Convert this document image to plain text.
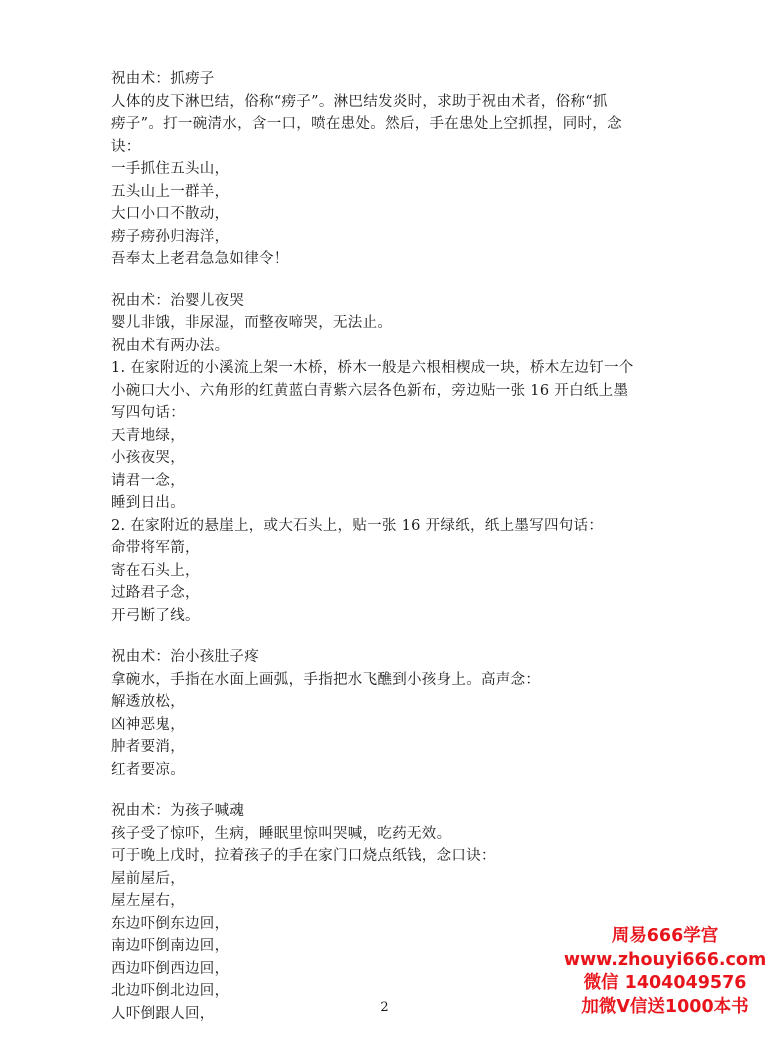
祝由术：抓痨子
人体的皮下淋巴结，俗称“痨子”。淋巴结发炎时，求助于祝由术者，俗称“抓
痨子”。打一碗清水，含一口，喷在患处。然后，手在患处上空抓捏，同时，念
诀：
一手抓住五头山，
五头山上一群羊，
大口小口不散动，
痨子痨孙归海洋，
吾奉太上老君急急如律令！
祝由术：治婴儿夜哭
婴儿非饿，非尿湿，而整夜啼哭，无法止。
祝由术有两办法。
1. 在家附近的小溪流上架一木桥，桥木一般是六根相楔成一块，桥木左边钉一个
小碗口大小、六角形的红黄蓝白青紫六层各色新布，旁边贴一张 16 开白纸上墨
写四句话：
天青地绿，
小孩夜哭，
请君一念，
睡到日出。
2. 在家附近的悬崖上，或大石头上，贴一张 16 开绿纸，纸上墨写四句话：
命带将军箭，
寄在石头上，
过路君子念，
开弓断了线。
祝由术：治小孩肚子疼
拿碗水，手指在水面上画弧，手指把水飞醮到小孩身上。高声念：
解透放松，
凶神恶鬼，
肿者要消，
红者要凉。
祝由术：为孩子喊魂
孩子受了惊吓，生病，睡眠里惊叫哭喊，吃药无效。
可于晚上戊时，拉着孩子的手在家门口烧点纸钱，念口诀：
屋前屋后，
屋左屋右，
东边吓倒东边回，
南边吓倒南边回，
西边吓倒西边回，
北边吓倒北边回，
人吓倒跟人回，
周易666学宫
www.zhouyi666.com
微信 1404049576
加微V信送1000本书
2
